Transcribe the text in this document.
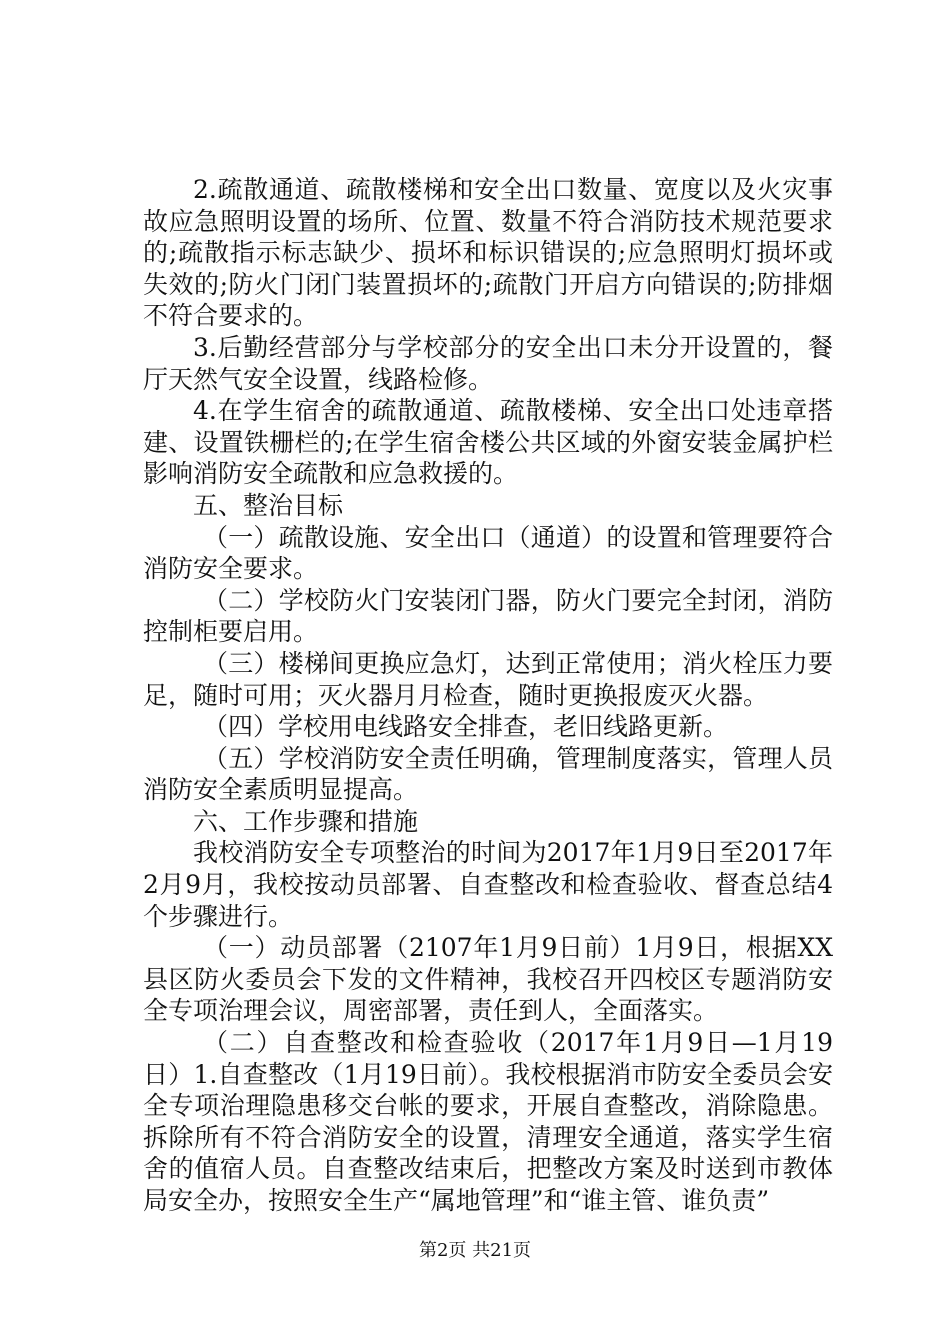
2.疏散通道、疏散楼梯和安全出口数量、宽度以及火灾事故应急照明设置的场所、位置、数量不符合消防技术规范要求的;疏散指示标志缺少、损坏和标识错误的;应急照明灯损坏或失效的;防火门闭门装置损坏的;疏散门开启方向错误的;防排烟不符合要求的。

3.后勤经营部分与学校部分的安全出口未分开设置的，餐厅天然气安全设置，线路检修。

4.在学生宿舍的疏散通道、疏散楼梯、安全出口处违章搭建、设置铁栅栏的;在学生宿舍楼公共区域的外窗安装金属护栏影响消防安全疏散和应急救援的。

五、整治目标

（一）疏散设施、安全出口（通道）的设置和管理要符合消防安全要求。

（二）学校防火门安装闭门器，防火门要完全封闭，消防控制柜要启用。

（三）楼梯间更换应急灯，达到正常使用；消火栓压力要足，随时可用；灭火器月月检查，随时更换报废灭火器。

（四）学校用电线路安全排查，老旧线路更新。

（五）学校消防安全责任明确，管理制度落实，管理人员消防安全素质明显提高。

六、工作步骤和措施

我校消防安全专项整治的时间为2017年1月9日至2017年2月9月，我校按动员部署、自查整改和检查验收、督查总结4个步骤进行。

（一）动员部署（2107年1月9日前）1月9日，根据XX县区防火委员会下发的文件精神，我校召开四校区专题消防安全专项治理会议，周密部署，责任到人，全面落实。

（二）自查整改和检查验收（2017年1月9日—1月19日）1.自查整改（1月19日前）。我校根据消市防安全委员会安全专项治理隐患移交台帐的要求，开展自查整改，消除隐患。拆除所有不符合消防安全的设置，清理安全通道，落实学生宿舍的值宿人员。自查整改结束后，把整改方案及时送到市教体局安全办，按照安全生产“属地管理”和“谁主管、谁负责”

第2页 共21页
